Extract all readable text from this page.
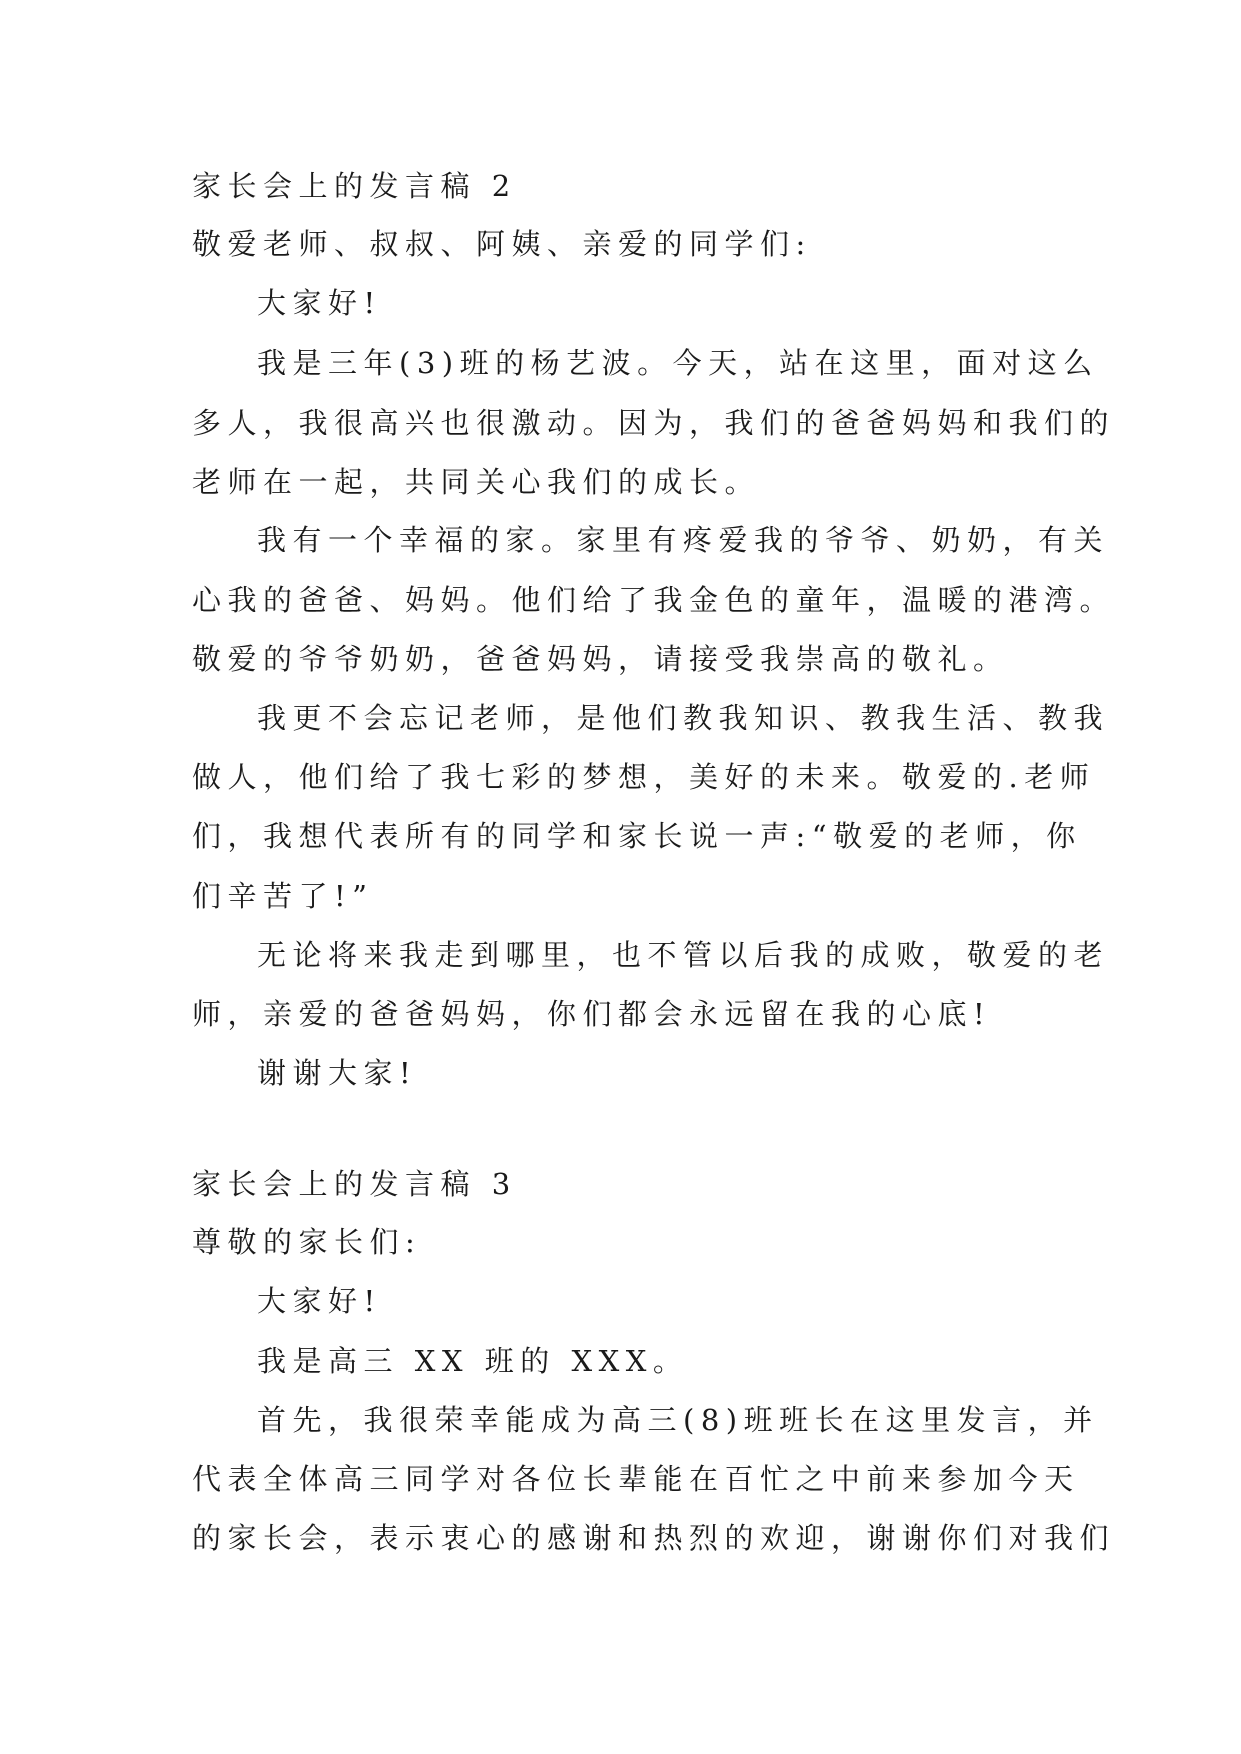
家长会上的发言稿 2
敬爱老师、叔叔、阿姨、亲爱的同学们:
大家好!
我是三年(3)班的杨艺波。今天，站在这里，面对这么
多人，我很高兴也很激动。因为，我们的爸爸妈妈和我们的
老师在一起，共同关心我们的成长。
我有一个幸福的家。家里有疼爱我的爷爷、奶奶，有关
心我的爸爸、妈妈。他们给了我金色的童年，温暖的港湾。
敬爱的爷爷奶奶，爸爸妈妈，请接受我崇高的敬礼。
我更不会忘记老师，是他们教我知识、教我生活、教我
做人，他们给了我七彩的梦想，美好的未来。敬爱的.老师
们，我想代表所有的同学和家长说一声:“敬爱的老师，你
们辛苦了!”
无论将来我走到哪里，也不管以后我的成败，敬爱的老
师，亲爱的爸爸妈妈，你们都会永远留在我的心底!
谢谢大家!
家长会上的发言稿 3
尊敬的家长们:
大家好!
我是高三 XX 班的 XXX。
首先，我很荣幸能成为高三(8)班班长在这里发言，并
代表全体高三同学对各位长辈能在百忙之中前来参加今天
的家长会，表示衷心的感谢和热烈的欢迎，谢谢你们对我们
